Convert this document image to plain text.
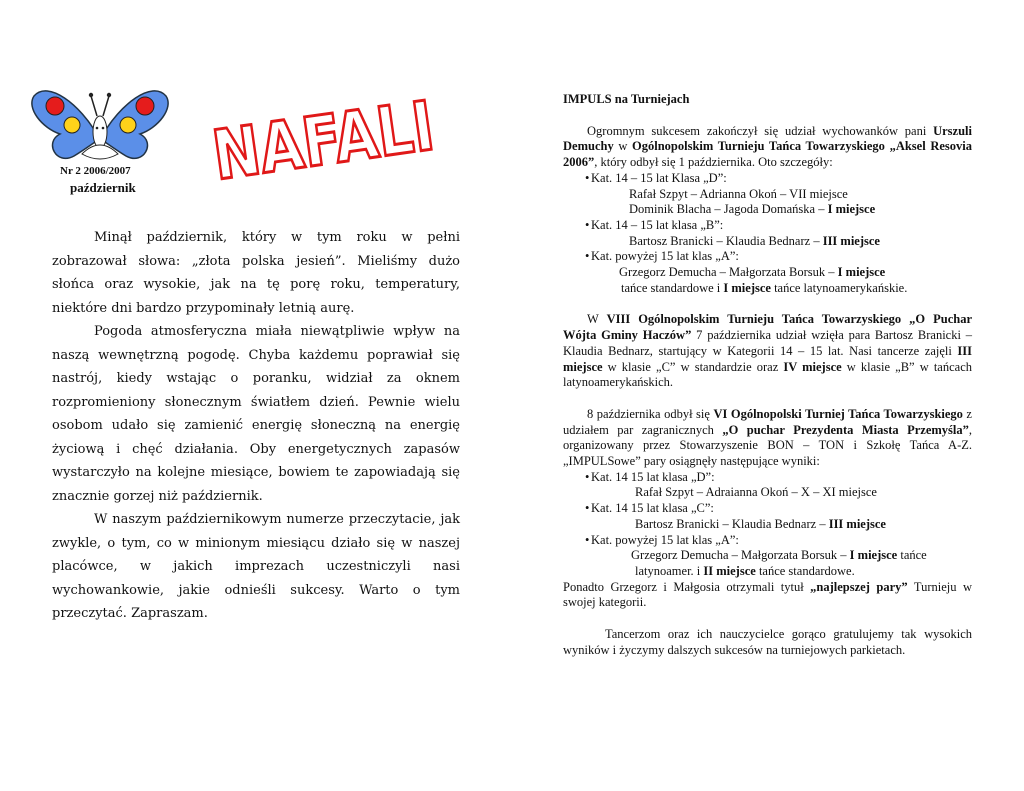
NAFALI
Nr 2 2006/2007
październik

Minął październik, który w tym roku w pełni zobrazował słowa: „złota polska jesień”. Mieliśmy dużo słońca oraz wysokie, jak na tę porę roku, temperatury, niektóre dni bardzo przypominały letnią aurę.

Pogoda atmosferyczna miała niewątpliwie wpływ na naszą wewnętrzną pogodę. Chyba każdemu poprawiał się nastrój, kiedy wstając o poranku, widział za oknem rozpromieniony słonecznym światłem dzień. Pewnie wielu osobom udało się zamienić energię słoneczną na energię życiową i chęć działania. Oby energetycznych zapasów wystarczyło na kolejne miesiące, bowiem te zapowiadają się znacznie gorzej niż październik.

W naszym październikowym numerze przeczytacie, jak zwykle, o tym, co w minionym miesiącu działo się w naszej placówce, w jakich imprezach uczestniczyli nasi wychowankowie, jakie odnieśli sukcesy. Warto o tym przeczytać. Zapraszam.

IMPULS na Turniejach

Ogromnym sukcesem zakończył się udział wychowanków pani Urszuli Demuchy w Ogólnopolskim Turnieju Tańca Towarzyskiego „Aksel Resovia 2006”, który odbył się 1 października. Oto szczegóły:

• Kat. 14 – 15 lat Klasa „D”:
Rafał Szpyt – Adrianna Okoń – VII miejsce
Dominik Blacha – Jagoda Domańska – I miejsce
• Kat. 14 – 15 lat klasa „B”:
Bartosz Branicki – Klaudia Bednarz – III miejsce
• Kat. powyżej 15 lat klas „A”:
Grzegorz Demucha – Małgorzata Borsuk – I miejsce
tańce standardowe i I miejsce tańce latynoamerykańskie.

W VIII Ogólnopolskim Turnieju Tańca Towarzyskiego „O Puchar Wójta Gminy Haczów” 7 października udział wzięła para Bartosz Branicki – Klaudia Bednarz, startujący w Kategorii 14 – 15 lat. Nasi tancerze zajęli III miejsce w klasie „C” w standardzie oraz IV miejsce w klasie „B” w tańcach latynoamerykańskich.

8 października odbył się VI Ogólnopolski Turniej Tańca Towarzyskiego z udziałem par zagranicznych „O puchar Prezydenta Miasta Przemyśla”, organizowany przez Stowarzyszenie BON – TON i Szkołę Tańca A-Z. „IMPULSowe” pary osiągnęły następujące wyniki:

• Kat. 14 15 lat klasa „D”:
Rafał Szpyt – Adraianna Okoń – X – XI miejsce
• Kat. 14 15 lat klasa „C”:
Bartosz Branicki – Klaudia Bednarz – III miejsce
• Kat. powyżej 15 lat klas „A”:
Grzegorz Demucha – Małgorzata Borsuk – I miejsce tańce
latynoamer. i II miejsce tańce standardowe.

Ponadto Grzegorz i Małgosia otrzymali tytuł „najlepszej pary” Turnieju w swojej kategorii.

Tancerzom oraz ich nauczycielce gorąco gratulujemy tak wysokich wyników i życzymy dalszych sukcesów na turniejowych parkietach.
